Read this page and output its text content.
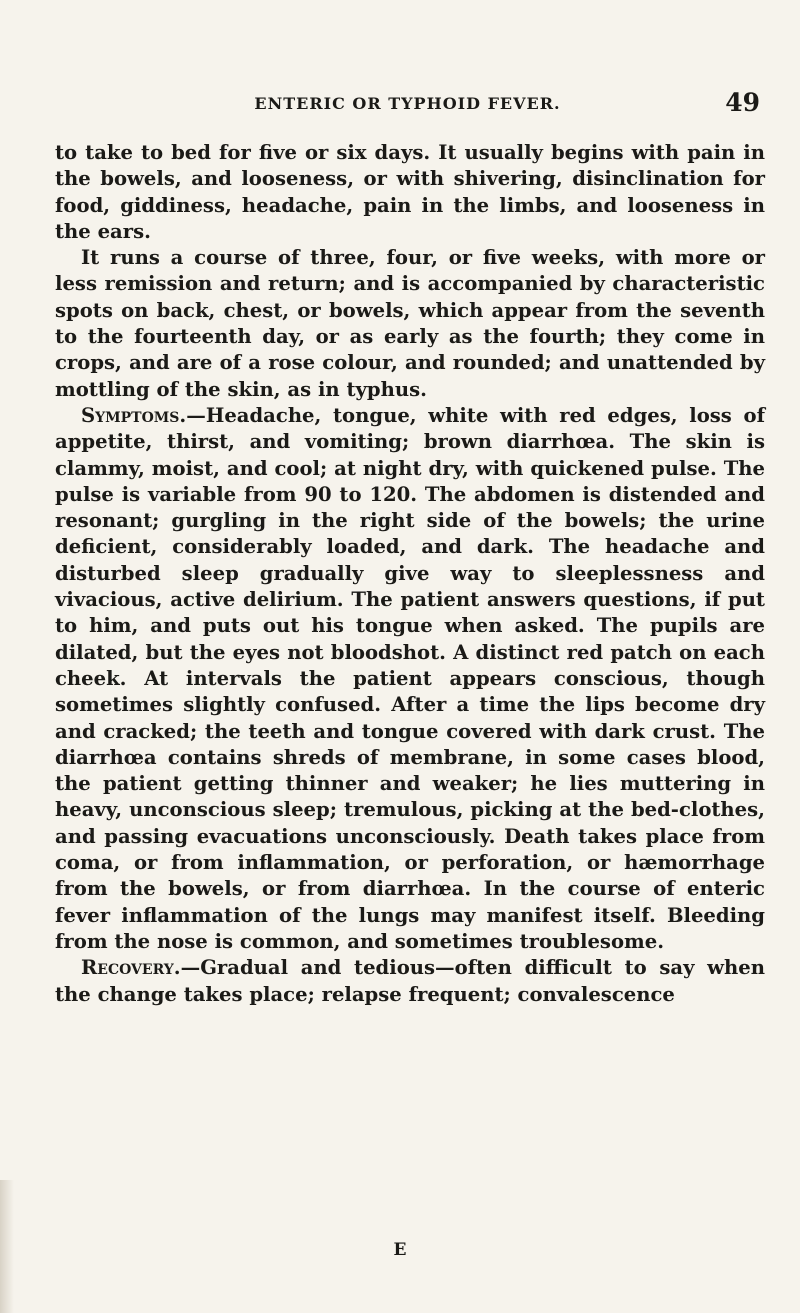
ENTERIC OR TYPHOID FEVER.	49

to take to bed for five or six days. It usually begins with pain in the bowels, and looseness, or with shivering, disinclination for food, giddiness, headache, pain in the limbs, and looseness in the ears.

It runs a course of three, four, or five weeks, with more or less remission and return; and is accompanied by characteristic spots on back, chest, or bowels, which appear from the seventh to the fourteenth day, or as early as the fourth; they come in crops, and are of a rose colour, and rounded; and unattended by mottling of the skin, as in typhus.

Symptoms.—Headache, tongue, white with red edges, loss of appetite, thirst, and vomiting; brown diarrhœa. The skin is clammy, moist, and cool; at night dry, with quickened pulse. The pulse is variable from 90 to 120. The abdomen is distended and resonant; gurgling in the right side of the bowels; the urine deficient, considerably loaded, and dark. The headache and disturbed sleep gradually give way to sleeplessness and vivacious, active delirium. The patient answers questions, if put to him, and puts out his tongue when asked. The pupils are dilated, but the eyes not bloodshot. A distinct red patch on each cheek. At intervals the patient appears conscious, though sometimes slightly confused. After a time the lips become dry and cracked; the teeth and tongue covered with dark crust. The diarrhœa contains shreds of membrane, in some cases blood, the patient getting thinner and weaker; he lies muttering in heavy, unconscious sleep; tremulous, picking at the bed-clothes, and passing evacuations unconsciously. Death takes place from coma, or from inflammation, or perforation, or hæmorrhage from the bowels, or from diarrhœa. In the course of enteric fever inflammation of the lungs may manifest itself. Bleeding from the nose is common, and sometimes troublesome.

Recovery.—Gradual and tedious—often difficult to say when the change takes place; relapse frequent; convalescence

E
